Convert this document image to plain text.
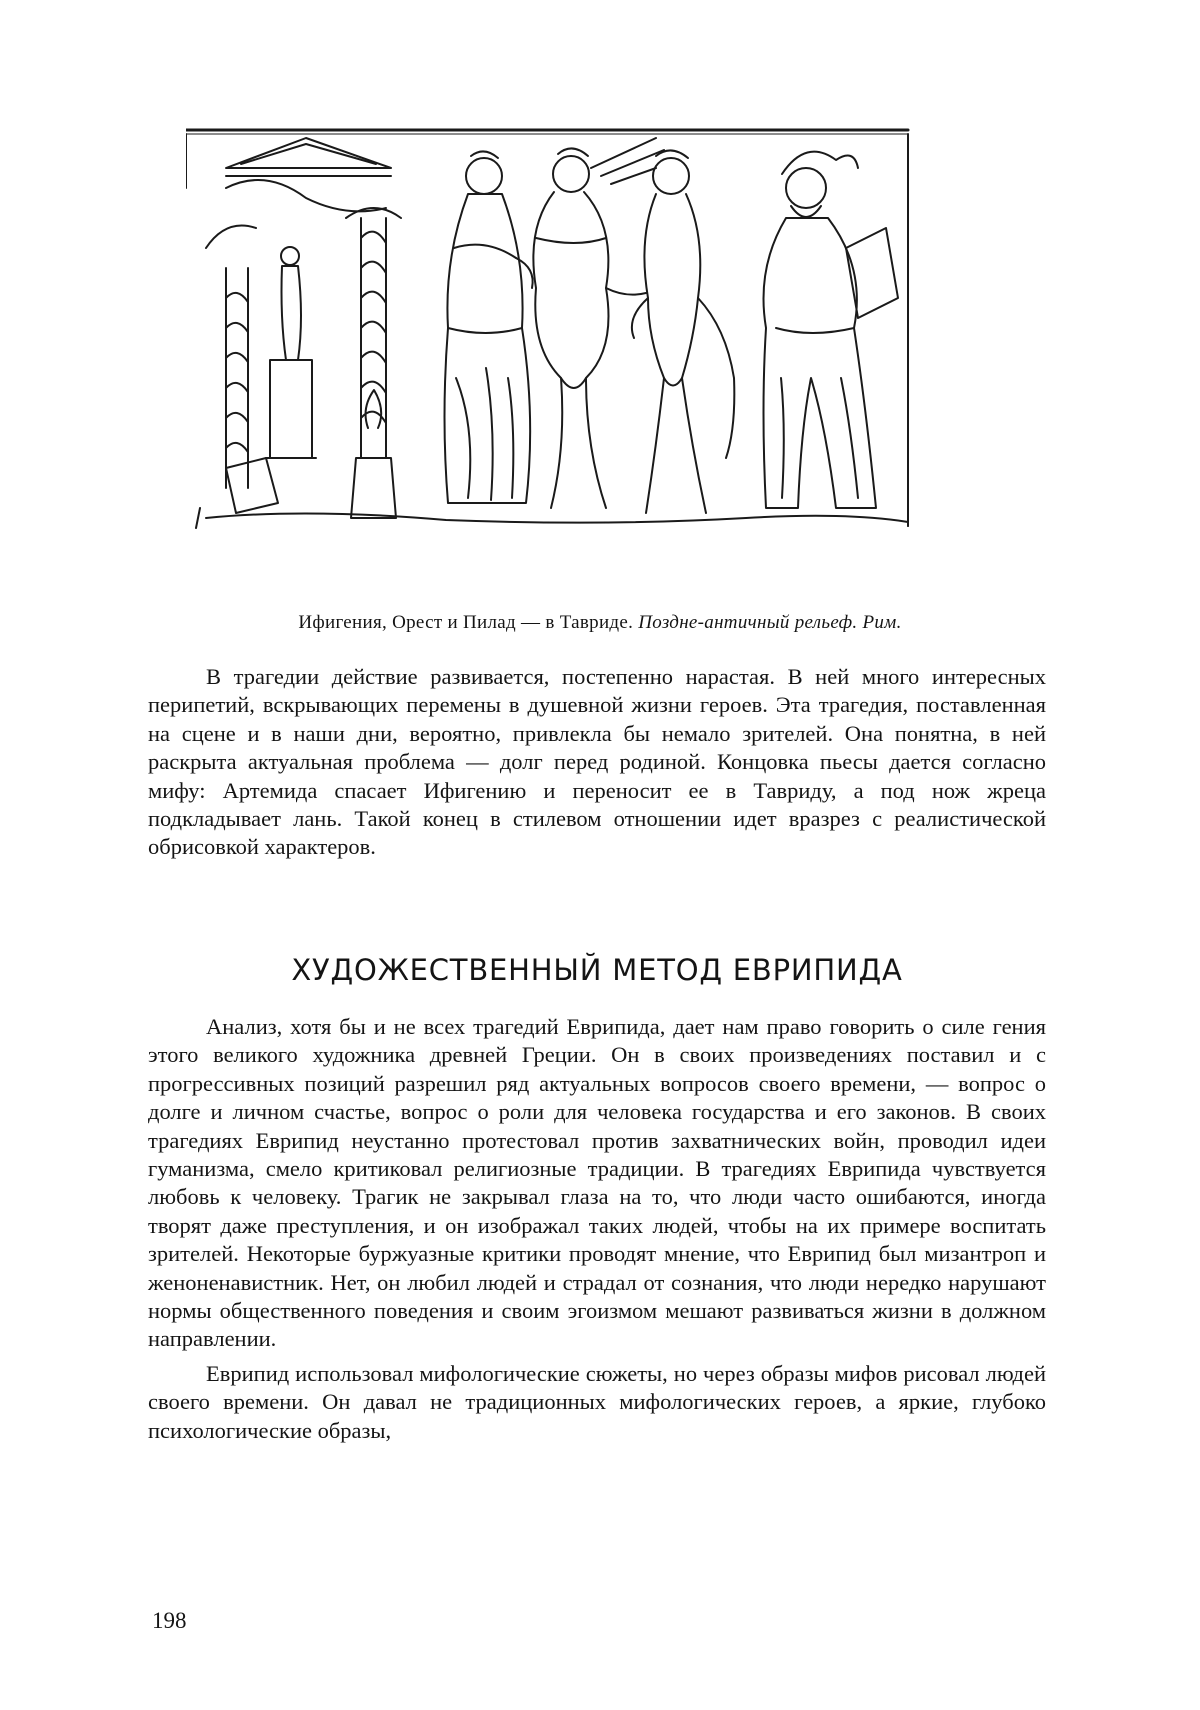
Ифигения, Орест и Пилад — в Тавриде. Поздне-античный рельеф. Рим.

В трагедии действие развивается, постепенно нарастая. В ней много интересных перипетий, вскрывающих перемены в душевной жизни героев. Эта трагедия, поставленная на сцене и в наши дни, вероятно, привлекла бы немало зрителей. Она понятна, в ней раскрыта актуальная проблема — долг перед родиной. Концовка пьесы дается согласно мифу: Артемида спасает Ифигению и переносит ее в Тавриду, а под нож жреца подкладывает лань. Такой конец в стилевом отношении идет вразрез с реалистической обрисовкой характеров.

ХУДОЖЕСТВЕННЫЙ МЕТОД ЕВРИПИДА

Анализ, хотя бы и не всех трагедий Еврипида, дает нам право говорить о силе гения этого великого художника древней Греции. Он в своих произведениях поставил и с прогрессивных позиций разрешил ряд актуальных вопросов своего времени, — вопрос о долге и личном счастье, вопрос о роли для человека государства и его законов. В своих трагедиях Еврипид неустанно протестовал против захватнических войн, проводил идеи гуманизма, смело критиковал религиозные традиции. В трагедиях Еврипида чувствуется любовь к человеку. Трагик не закрывал глаза на то, что люди часто ошибаются, иногда творят даже преступления, и он изображал таких людей, чтобы на их примере воспитать зрителей. Некоторые буржуазные критики проводят мнение, что Еврипид был мизантроп и женоненавистник. Нет, он любил людей и страдал от сознания, что люди нередко нарушают нормы общественного поведения и своим эгоизмом мешают развиваться жизни в должном направлении.

Еврипид использовал мифологические сюжеты, но через образы мифов рисовал людей своего времени. Он давал не традиционных мифологических героев, а яркие, глубоко психологические образы,

198
